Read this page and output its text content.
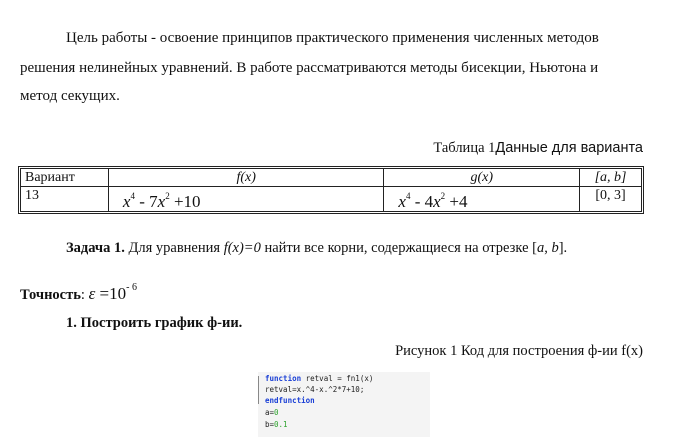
Цель работы - освоение принципов практического применения численных методов
решения нелинейных уравнений. В работе рассматриваются методы бисекции, Ньютона и
метод секущих.
Таблица 1Данные для варианта
Вариант	f(x)	g(x)	[a, b]
13	$x^4 - 7x^2 +10$	$x^4 - 4x^2 +4$	[0, 3]
Задача 1. Для уравнения f(x)=0 найти все корни, содержащиеся на отрезке [a, b].
Точность: $\varepsilon =10^{- 6}$
1. Построить график ф-ии.
Рисунок 1 Код для построения ф-ии f(x)
function retval = fn1(x)
retval=x.^4-x.^2*7+10;
endfunction
a=0
b=0.1
